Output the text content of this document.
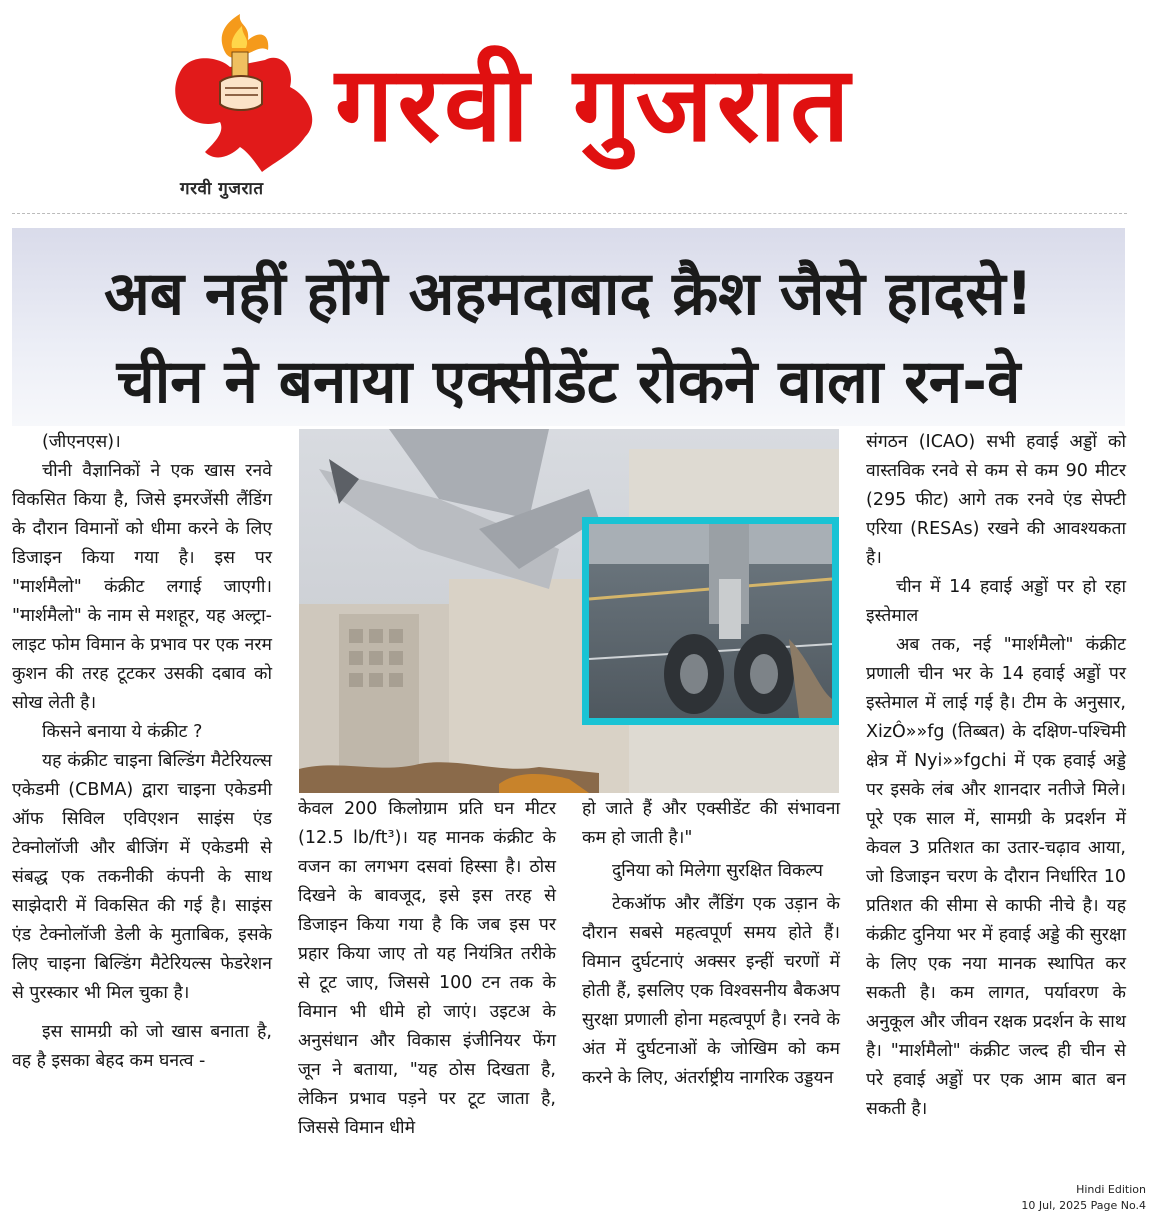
गरवी गुजरात
गरवी गुजरात
अब नहीं होंगे अहमदाबाद क्रैश जैसे हादसे!
चीन ने बनाया एक्सीडेंट रोकने वाला रन-वे

(जीएनएस)।

चीनी वैज्ञानिकों ने एक खास रनवे विकसित किया है, जिसे इमरजेंसी लैंडिंग के दौरान विमानों को धीमा करने के लिए डिजाइन किया गया है। इस पर "मार्शमैलो" कंक्रीट लगाई जाएगी। "मार्शमैलो" के नाम से मशहूर, यह अल्ट्रा-लाइट फोम विमान के प्रभाव पर एक नरम कुशन की तरह टूटकर उसकी दबाव को सोख लेती है।

किसने बनाया ये कंक्रीट ?

यह कंक्रीट चाइना बिल्डिंग मैटेरियल्स एकेडमी (CBMA) द्वारा चाइना एकेडमी ऑफ सिविल एविएशन साइंस एंड टेक्नोलॉजी और बीजिंग में एकेडमी से संबद्ध एक तकनीकी कंपनी के साथ साझेदारी में विकसित की गई है। साइंस एंड टेक्नोलॉजी डेली के मुताबिक, इसके लिए चाइना बिल्डिंग मैटेरियल्स फेडरेशन से पुरस्कार भी मिल चुका है।

इस सामग्री को जो खास बनाता है, वह है इसका बेहद कम घनत्व -

केवल 200 किलोग्राम प्रति घन मीटर (12.5 lb/ft³)। यह मानक कंक्रीट के वजन का लगभग दसवां हिस्सा है। ठोस दिखने के बावजूद, इसे इस तरह से डिजाइन किया गया है कि जब इस पर प्रहार किया जाए तो यह नियंत्रित तरीके से टूट जाए, जिससे 100 टन तक के विमान भी धीमे हो जाएं। उइटअ के अनुसंधान और विकास इंजीनियर फेंग जून ने बताया, "यह ठोस दिखता है, लेकिन प्रभाव पड़ने पर टूट जाता है, जिससे विमान धीमे

हो जाते हैं और एक्सीडेंट की संभावना कम हो जाती है।"

दुनिया को मिलेगा सुरक्षित विकल्प

टेकऑफ और लैंडिंग एक उड़ान के दौरान सबसे महत्वपूर्ण समय होते हैं। विमान दुर्घटनाएं अक्सर इन्हीं चरणों में होती हैं, इसलिए एक विश्वसनीय बैकअप सुरक्षा प्रणाली होना महत्वपूर्ण है। रनवे के अंत में दुर्घटनाओं के जोखिम को कम करने के लिए, अंतर्राष्ट्रीय नागरिक उड्डयन

संगठन (ICAO) सभी हवाई अड्डों को वास्तविक रनवे से कम से कम 90 मीटर (295 फीट) आगे तक रनवे एंड सेफ्टी एरिया (RESAs) रखने की आवश्यकता है।

चीन में 14 हवाई अड्डों पर हो रहा इस्तेमाल

अब तक, नई "मार्शमैलो" कंक्रीट प्रणाली चीन भर के 14 हवाई अड्डों पर इस्तेमाल में लाई गई है। टीम के अनुसार, XizÔ»»fg (तिब्बत) के दक्षिण-पश्चिमी क्षेत्र में Nyi»»fgchi में एक हवाई अड्डे पर इसके लंब और शानदार नतीजे मिले। पूरे एक साल में, सामग्री के प्रदर्शन में केवल 3 प्रतिशत का उतार-चढ़ाव आया, जो डिजाइन चरण के दौरान निर्धारित 10 प्रतिशत की सीमा से काफी नीचे है। यह कंक्रीट दुनिया भर में हवाई अड्डे की सुरक्षा के लिए एक नया मानक स्थापित कर सकती है। कम लागत, पर्यावरण के अनुकूल और जीवन रक्षक प्रदर्शन के साथ है। "मार्शमैलो" कंक्रीट जल्द ही चीन से परे हवाई अड्डों पर एक आम बात बन सकती है।

Hindi Edition
10 Jul, 2025 Page No.4
